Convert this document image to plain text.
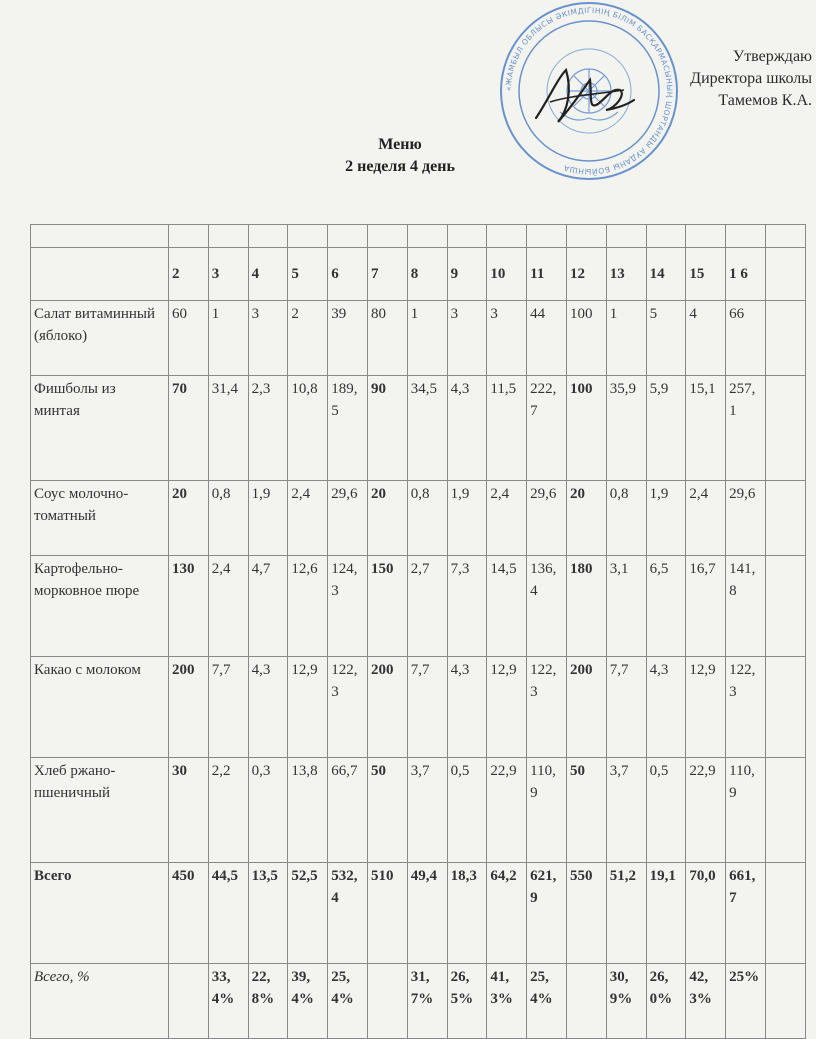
«ЖАМБЫЛ ОБЛЫСЫ ӘКІМДІГІНІҢ БІЛІМ БАСҚАРМАСЫНЫҢ ШОРТАНДЫ АУДАНЫ БОЙЫНША
Утверждаю
Директора школы
Тамемов К.А.
Меню
2 неделя 4 день

	2	3	4	5	6	7	8	9	10	11	12	13	14	15	1 6	
Салат витаминный (яблоко)	60	1	3	2	39	80	1	3	3	44	100	1	5	4	66	
Фишболы из минтая	70	31,4	2,3	10,8	189,5	90	34,5	4,3	11,5	222,7	100	35,9	5,9	15,1	257,1	
Соус молочно-томатный	20	0,8	1,9	2,4	29,6	20	0,8	1,9	2,4	29,6	20	0,8	1,9	2,4	29,6	
Картофельно-морковное пюре	130	2,4	4,7	12,6	124,3	150	2,7	7,3	14,5	136,4	180	3,1	6,5	16,7	141,8	
Какао с молоком	200	7,7	4,3	12,9	122,3	200	7,7	4,3	12,9	122,3	200	7,7	4,3	12,9	122,3	
Хлеб ржано-пшеничный	30	2,2	0,3	13,8	66,7	50	3,7	0,5	22,9	110,9	50	3,7	0,5	22,9	110,9	
Всего	450	44,5	13,5	52,5	532,4	510	49,4	18,3	64,2	621,9	550	51,2	19,1	70,0	661,7	
Всего, %		33,4%	22,8%	39,4%	25,4%		31,7%	26,5%	41,3%	25,4%		30,9%	26,0%	42,3%	25%	
